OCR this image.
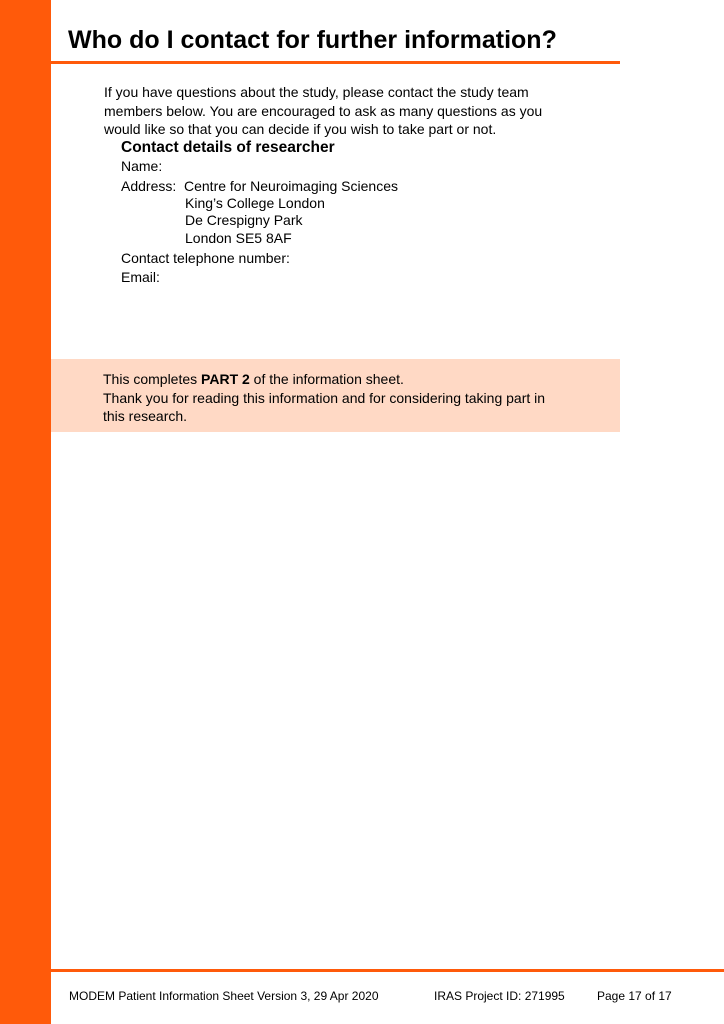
Who do I contact for further information?

If you have questions about the study, please contact the study team members below. You are encouraged to ask as many questions as you would like so that you can decide if you wish to take part or not.

Contact details of researcher
Name:
Address: Centre for Neuroimaging Sciences
King’s College London
De Crespigny Park
London SE5 8AF
Contact telephone number:
Email:
This completes PART 2 of the information sheet.
Thank you for reading this information and for considering taking part in this research.
MODEM Patient Information Sheet Version 3, 29 Apr 2020	IRAS Project ID: 271995	Page 17 of 17
